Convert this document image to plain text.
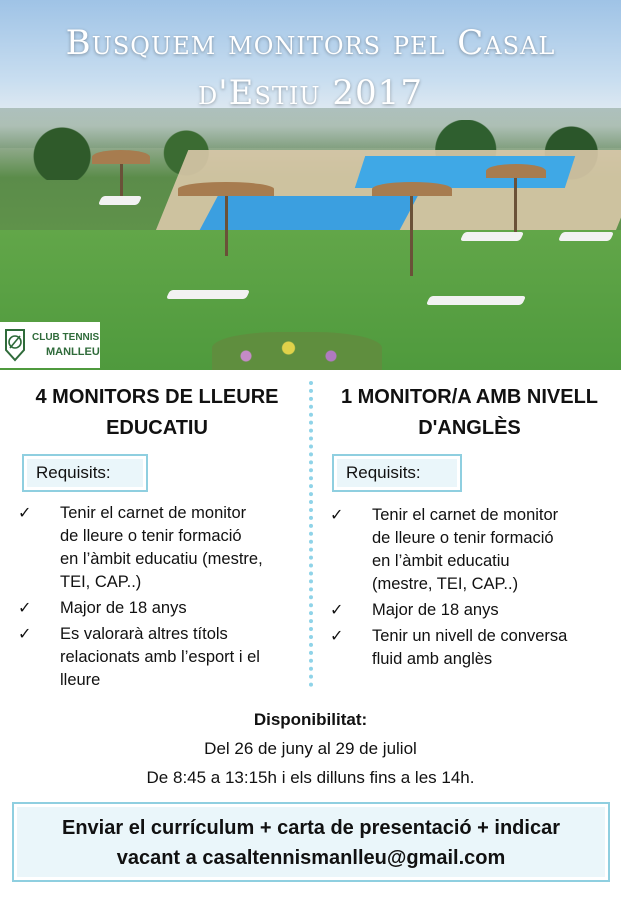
Busquem monitors pel Casal
d'Estiu 2017
CLUB TENNIS
MANLLEU
4 MONITORS DE LLEURE
EDUCATIU
Requisits:
✓	Tenir el carnet de monitor
de lleure o tenir formació
en l’àmbit educatiu (mestre,
TEI, CAP..)
✓	Major de 18 anys
✓	Es valorarà altres títols
relacionats amb l’esport i el
lleure
1 MONITOR/A AMB NIVELL
D'ANGLÈS
Requisits:
✓	Tenir el carnet de monitor
de lleure o tenir formació
en l’àmbit educatiu
(mestre, TEI, CAP..)
✓	Major de 18 anys
✓	Tenir un nivell de conversa
fluid amb anglès
Disponibilitat:
Del 26 de juny al 29 de juliol
De 8:45 a 13:15h i els dilluns fins a les 14h.
Enviar el currículum + carta de presentació + indicar
vacant a casaltennismanlleu@gmail.com
